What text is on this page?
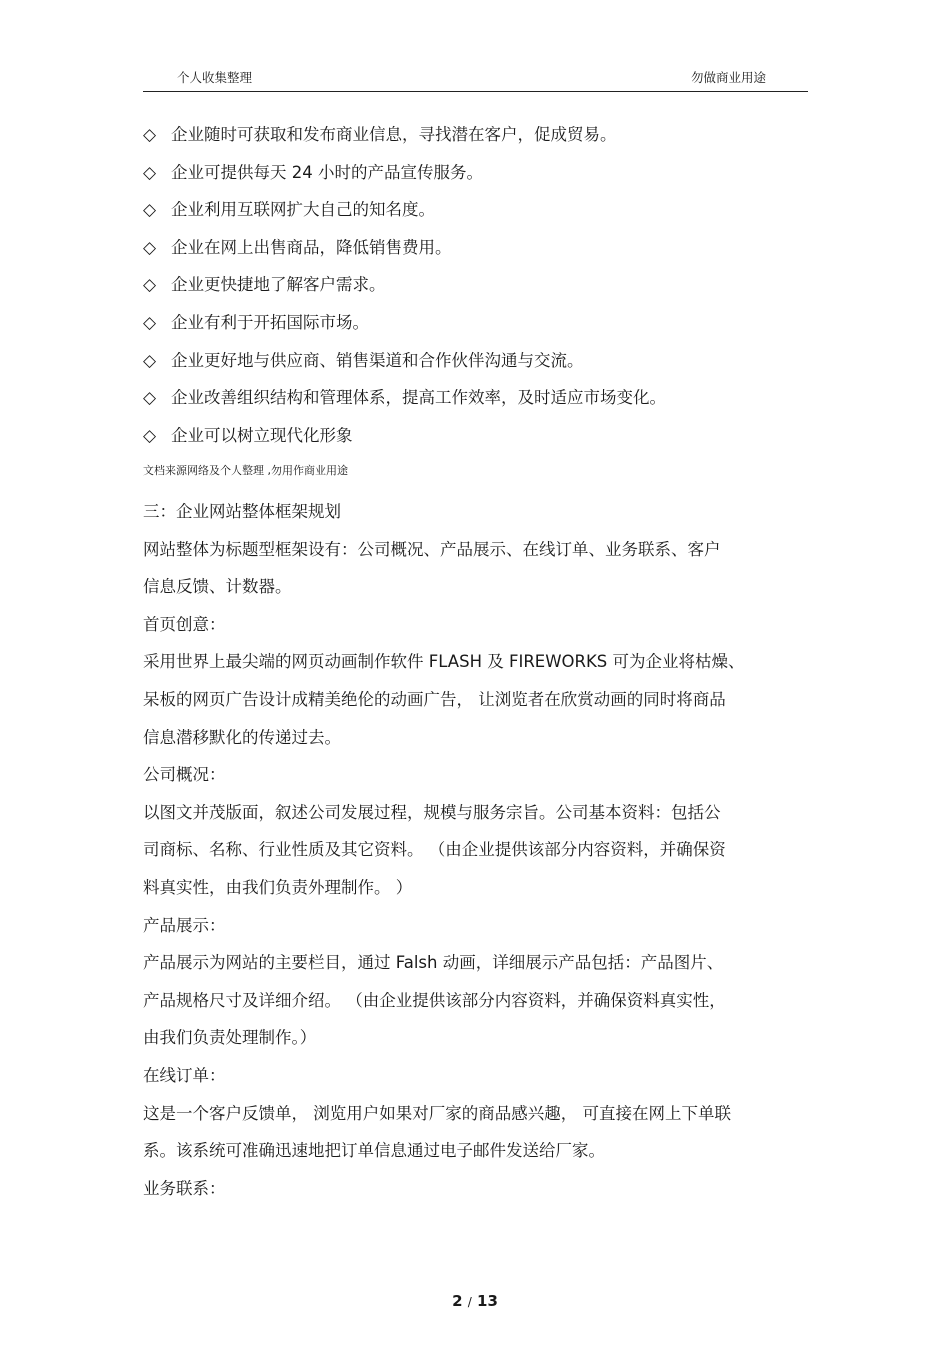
个人收集整理	勿做商业用途
◇ 企业随时可获取和发布商业信息，寻找潜在客户，促成贸易。
◇ 企业可提供每天 24 小时的产品宣传服务。
◇ 企业利用互联网扩大自己的知名度。
◇ 企业在网上出售商品，降低销售费用。
◇ 企业更快捷地了解客户需求。
◇ 企业有利于开拓国际市场。
◇ 企业更好地与供应商、销售渠道和合作伙伴沟通与交流。
◇ 企业改善组织结构和管理体系，提高工作效率，及时适应市场变化。
◇ 企业可以树立现代化形象
文档来源网络及个人整理 ,勿用作商业用途

三：企业网站整体框架规划

网站整体为标题型框架设有：公司概况、产品展示、在线订单、业务联系、客户

信息反馈、计数器。

首页创意：

采用世界上最尖端的网页动画制作软件 FLASH 及 FIREWORKS 可为企业将枯燥、

呆板的网页广告设计成精美绝伦的动画广告， 让浏览者在欣赏动画的同时将商品

信息潜移默化的传递过去。

公司概况：

以图文并茂版面，叙述公司发展过程，规模与服务宗旨。公司基本资料：包括公

司商标、名称、行业性质及其它资料。 （由企业提供该部分内容资料，并确保资

料真实性，由我们负责外理制作。 ）

产品展示：

产品展示为网站的主要栏目，通过 Falsh 动画，详细展示产品包括：产品图片、

产品规格尺寸及详细介绍。 （由企业提供该部分内容资料，并确保资料真实性，

由我们负责处理制作。）

在线订单：

这是一个客户反馈单， 浏览用户如果对厂家的商品感兴趣， 可直接在网上下单联

系。该系统可准确迅速地把订单信息通过电子邮件发送给厂家。

业务联系：

2 / 13
